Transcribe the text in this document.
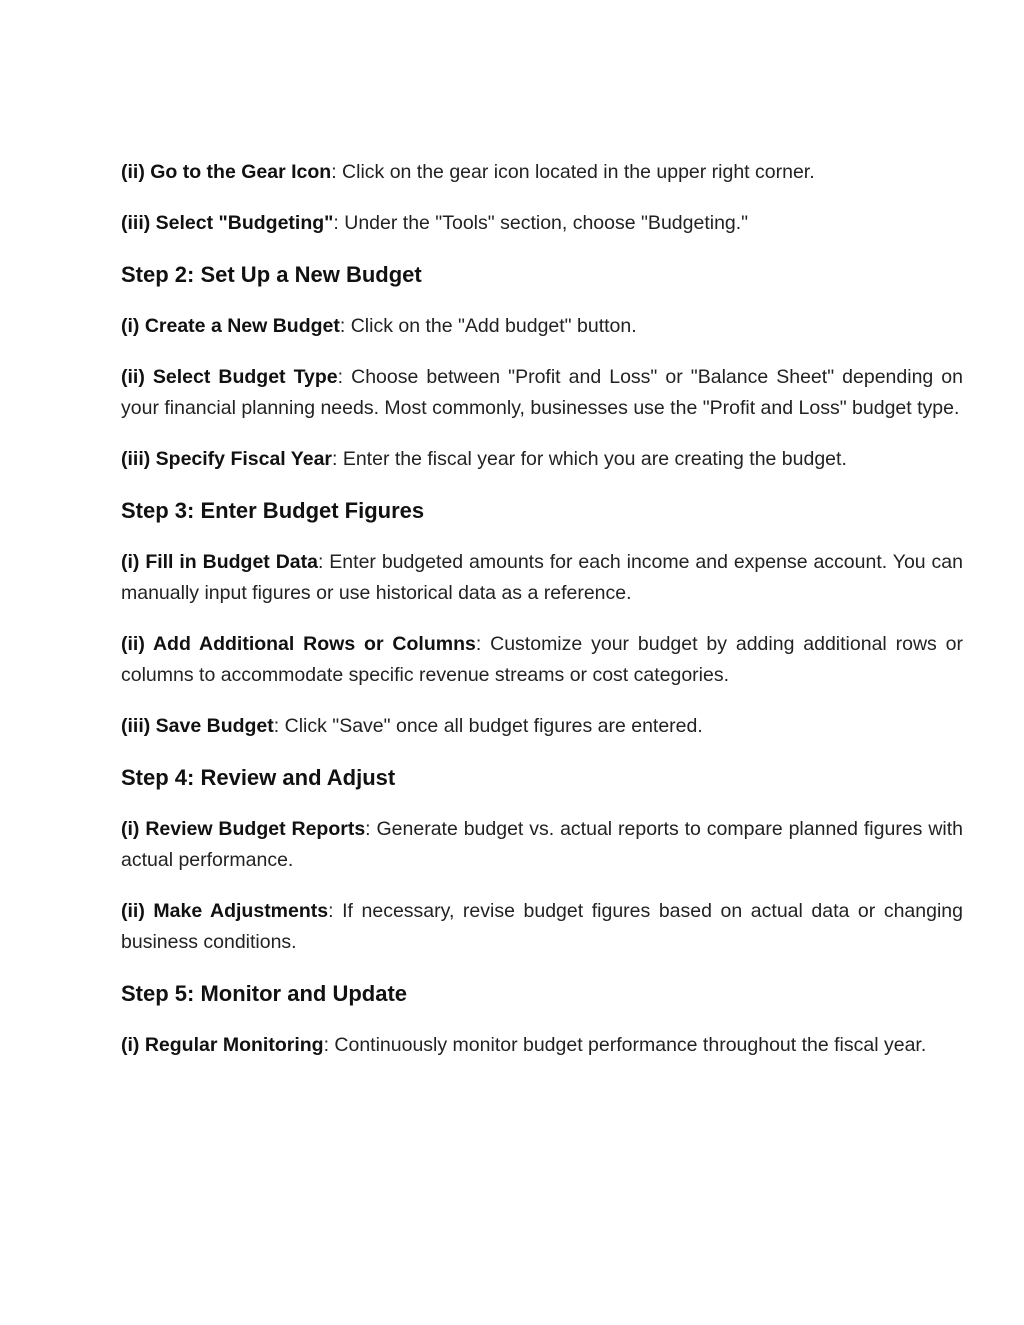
(ii) Go to the Gear Icon: Click on the gear icon located in the upper right corner.

(iii) Select "Budgeting": Under the "Tools" section, choose "Budgeting."

Step 2: Set Up a New Budget

(i) Create a New Budget: Click on the "Add budget" button.

(ii) Select Budget Type: Choose between "Profit and Loss" or "Balance Sheet" depending on your financial planning needs. Most commonly, businesses use the "Profit and Loss" budget type.

(iii) Specify Fiscal Year: Enter the fiscal year for which you are creating the budget.

Step 3: Enter Budget Figures

(i) Fill in Budget Data: Enter budgeted amounts for each income and expense account. You can manually input figures or use historical data as a reference.

(ii) Add Additional Rows or Columns: Customize your budget by adding additional rows or columns to accommodate specific revenue streams or cost categories.

(iii) Save Budget: Click "Save" once all budget figures are entered.

Step 4: Review and Adjust

(i) Review Budget Reports: Generate budget vs. actual reports to compare planned figures with actual performance.

(ii) Make Adjustments: If necessary, revise budget figures based on actual data or changing business conditions.

Step 5: Monitor and Update

(i) Regular Monitoring: Continuously monitor budget performance throughout the fiscal year.
